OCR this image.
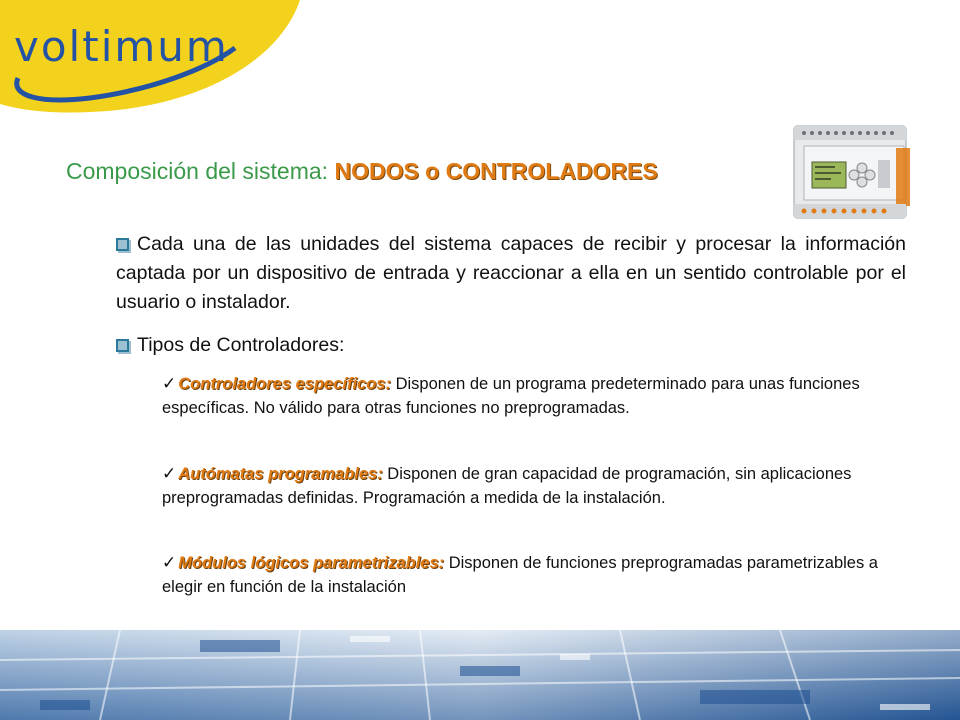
voltimum
Composición del sistema: NODOS o CONTROLADORES
Cada una de las unidades del sistema capaces de recibir y procesar la información captada por un dispositivo de entrada y reaccionar a ella en un sentido controlable por el usuario o instalador.
Tipos de Controladores:
✓ Controladores específicos: Disponen de un programa predeterminado para unas funciones específicas. No válido para otras funciones no preprogramadas.
✓ Autómatas programables: Disponen de gran capacidad de programación, sin aplicaciones preprogramadas definidas. Programación a medida de la instalación.
✓ Módulos lógicos parametrizables: Disponen de funciones preprogramadas parametrizables a elegir en función de la instalación
